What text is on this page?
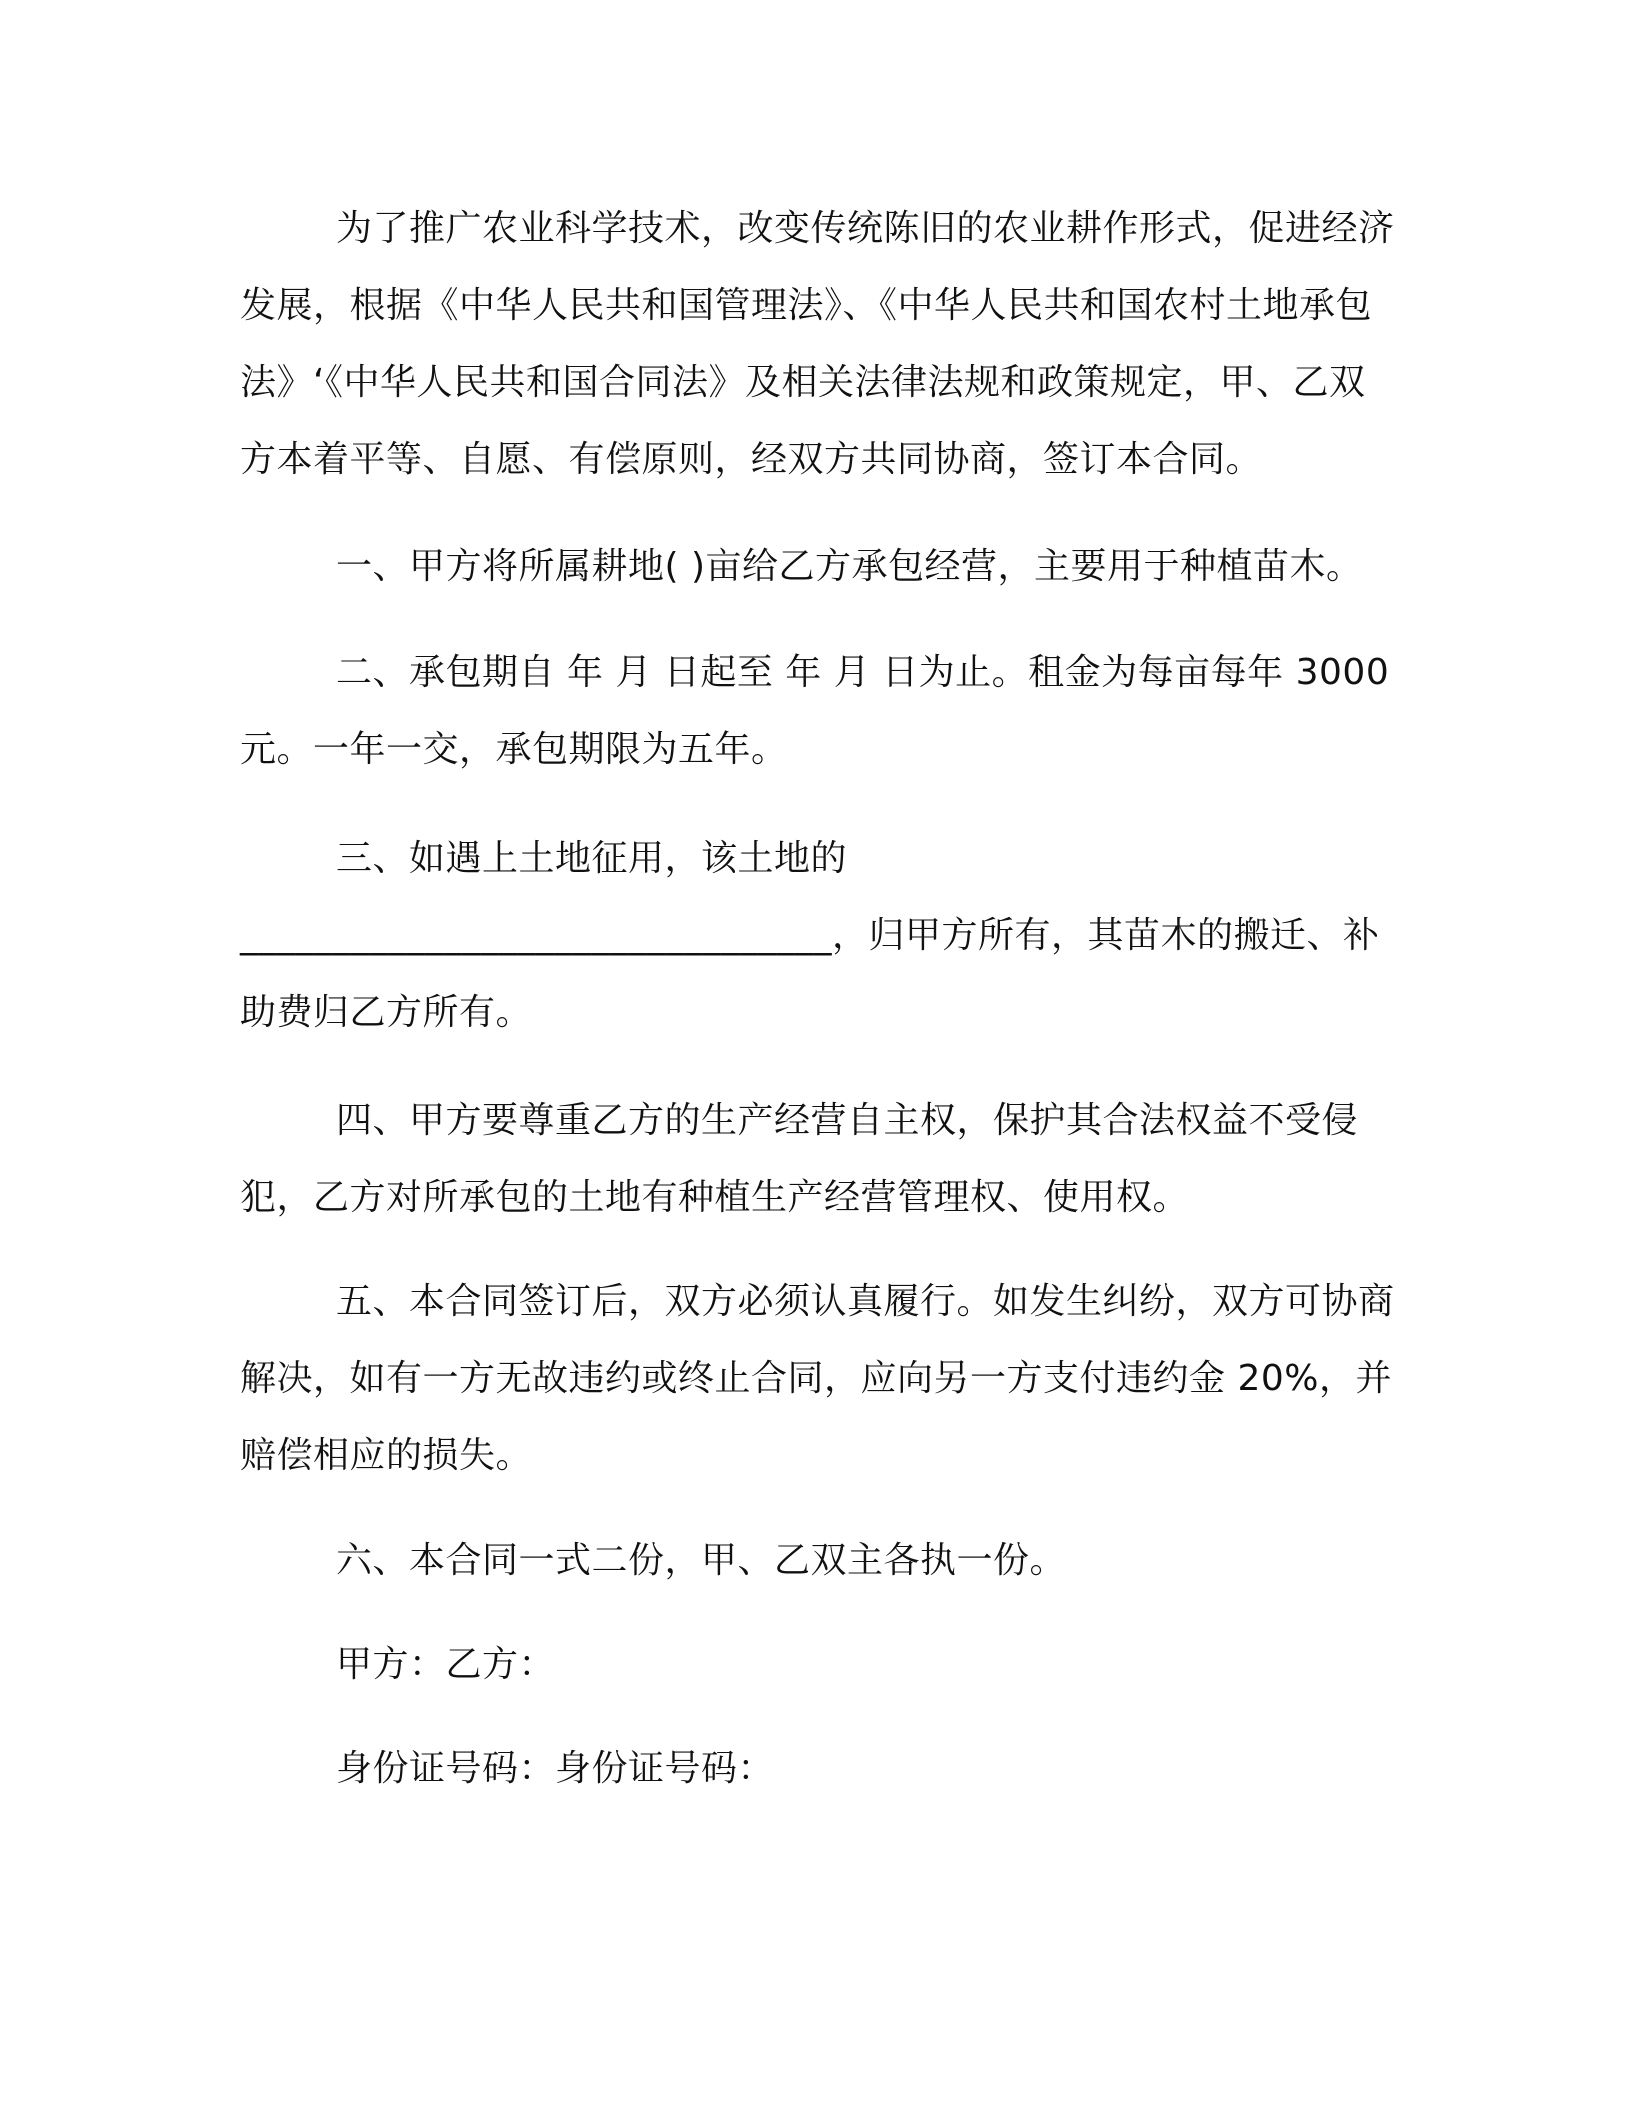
为了推广农业科学技术，改变传统陈旧的农业耕作形式，促进经济发展，根据《中华人民共和国管理法》、《中华人民共和国农村土地承包法》‘《中华人民共和国合同法》及相关法律法规和政策规定，甲、乙双方本着平等、自愿、有偿原则，经双方共同协商，签订本合同。

一、甲方将所属耕地( )亩给乙方承包经营，主要用于种植苗木。

二、承包期自 年 月 日起至 年 月 日为止。租金为每亩每年 3000元。一年一交，承包期限为五年。

三、如遇上土地征用，该土地的________________________________，归甲方所有，其苗木的搬迁、补助费归乙方所有。

四、甲方要尊重乙方的生产经营自主权，保护其合法权益不受侵犯，乙方对所承包的土地有种植生产经营管理权、使用权。

五、本合同签订后，双方必须认真履行。如发生纠纷，双方可协商解决，如有一方无故违约或终止合同，应向另一方支付违约金 20%，并赔偿相应的损失。

六、本合同一式二份，甲、乙双主各执一份。

甲方：乙方：

身份证号码：身份证号码：
